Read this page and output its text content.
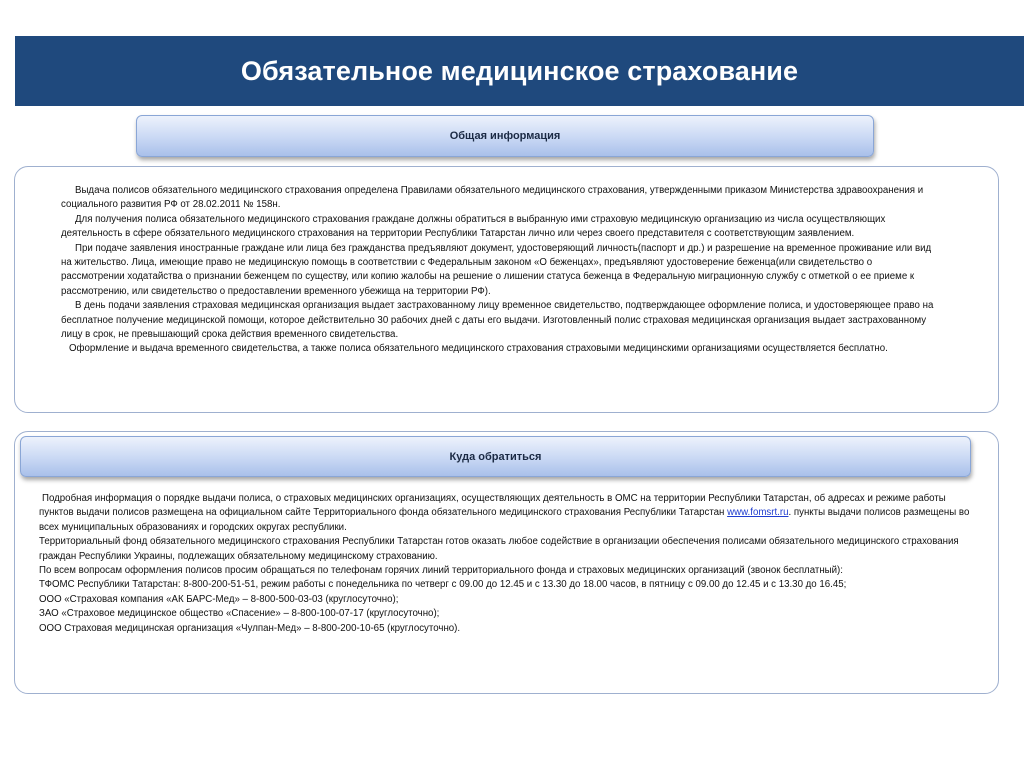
Обязательное медицинское страхование
Общая информация

Выдача полисов обязательного медицинского страхования определена Правилами обязательного медицинского страхования, утвержденными приказом Министерства здравоохранения и социального развития РФ от 28.02.2011 № 158н.

Для получения полиса обязательного медицинского страхования граждане должны обратиться в выбранную ими страховую медицинскую организацию из числа осуществляющих деятельность в сфере обязательного медицинского страхования на территории Республики Татарстан лично или через своего представителя с соответствующим заявлением.

При подаче заявления иностранные граждане или лица без гражданства предъявляют документ, удостоверяющий личность(паспорт и др.) и разрешение на временное проживание или вид на жительство. Лица, имеющие право не медицинскую помощь в соответствии с Федеральным законом «О беженцах», предъявляют удостоверение беженца(или свидетельство о рассмотрении ходатайства о признании беженцем по существу, или копию жалобы на решение о лишении статуса беженца в Федеральную миграционную службу с отметкой о ее приеме к рассмотрению, или свидетельство о предоставлении временного убежища на территории РФ).

В день подачи заявления страховая медицинская организация выдает застрахованному лицу временное свидетельство, подтверждающее оформление полиса, и удостоверяющее право на бесплатное получение медицинской помощи, которое действительно 30 рабочих дней с даты его выдачи. Изготовленный полис страховая медицинская организация выдает застрахованному лицу в срок, не превышающий срока действия временного свидетельства.

Оформление и выдача временного свидетельства, а также полиса обязательного медицинского страхования страховыми медицинскими организациями осуществляется бесплатно.

Куда обратиться

Подробная информация о порядке выдачи полиса, о страховых медицинских организациях, осуществляющих деятельность в ОМС на территории Республики Татарстан, об адресах и режиме работы пунктов выдачи полисов размещена на официальном сайте Территориального фонда обязательного медицинского страхования Республики Татарстан www.fomsrt.ru. пункты выдачи полисов размещены во всех муниципальных образованиях и городских округах республики.

Территориальный фонд обязательного медицинского страхования Республики Татарстан готов оказать любое содействие в организации обеспечения полисами обязательного медицинского страхования граждан Республики Украины, подлежащих обязательному медицинскому страхованию.

По всем вопросам оформления полисов просим обращаться по телефонам горячих линий территориального фонда и страховых медицинских организаций (звонок бесплатный):

ТФОМС Республики Татарстан: 8-800-200-51-51, режим работы с понедельника по четверг с 09.00 до 12.45 и с 13.30 до 18.00 часов, в пятницу с 09.00 до 12.45 и с 13.30 до 16.45;

ООО «Страховая компания «АК БАРС-Мед» – 8-800-500-03-03 (круглосуточно);

ЗАО «Страховое медицинское общество «Спасение» – 8-800-100-07-17 (круглосуточно);

ООО Страховая медицинская организация «Чулпан-Мед» – 8-800-200-10-65 (круглосуточно).
